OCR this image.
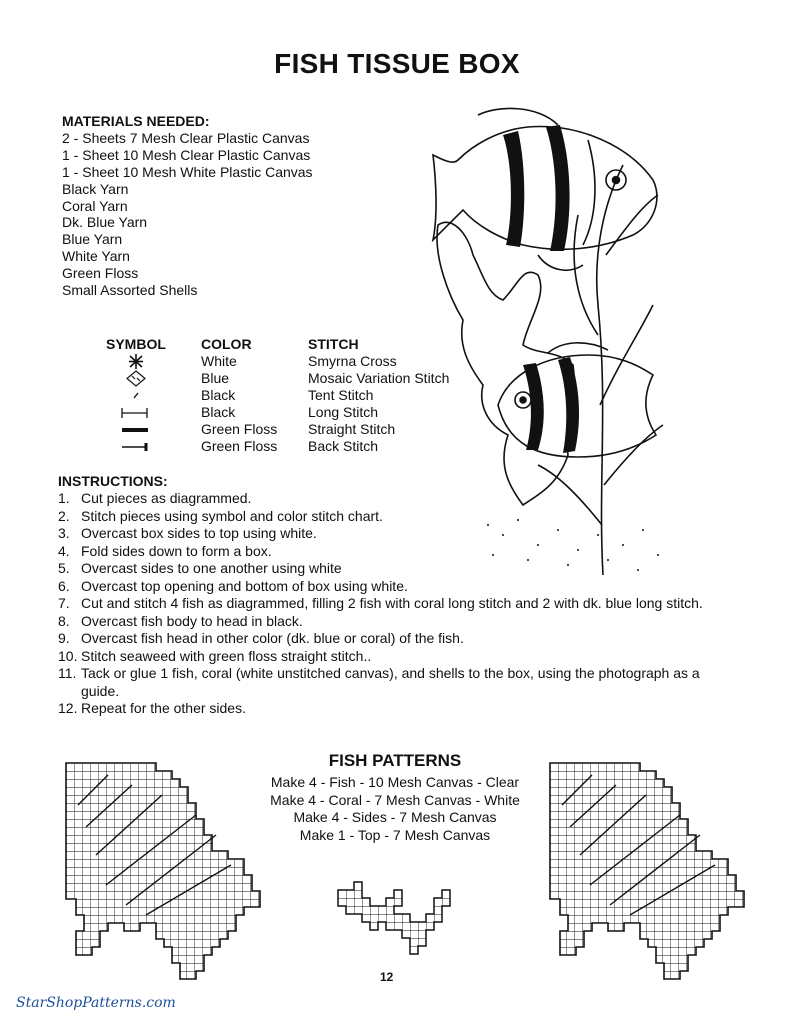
FISH TISSUE BOX
MATERIALS NEEDED:
2 - Sheets 7 Mesh Clear Plastic Canvas
1 - Sheet 10 Mesh Clear Plastic Canvas
1 - Sheet 10 Mesh White Plastic Canvas
Black Yarn
Coral Yarn
Dk. Blue Yarn
Blue Yarn
White Yarn
Green Floss
Small Assorted Shells
SYMBOL	COLOR
White
Blue
Black
Black
Green Floss
Green Floss
STITCH
Smyrna Cross
Mosaic Variation Stitch
Tent Stitch
Long Stitch
Straight Stitch
Back Stitch
INSTRUCTIONS:
1. Cut pieces as diagrammed.
2. Stitch pieces using symbol and color stitch chart.
3. Overcast box sides to top using white.
4. Fold sides down to form a box.
5. Overcast sides to one another using white
6. Overcast top opening and bottom of box using white.
7. Cut and stitch 4 fish as diagrammed, filling 2 fish with coral long stitch and 2 with dk. blue long stitch.
8. Overcast fish body to head in black.
9. Overcast fish head in other color (dk. blue or coral) of the fish.
10. Stitch seaweed with green floss straight stitch..
11. Tack or glue 1 fish, coral (white unstitched canvas), and shells to the box, using the photograph as a guide.
12. Repeat for the other sides.
FISH PATTERNS
Make 4 - Fish - 10 Mesh Canvas - Clear
Make 4 - Coral - 7 Mesh Canvas - White
Make 4 - Sides - 7 Mesh Canvas
Make 1 - Top - 7 Mesh Canvas
12
StarShopPatterns.com
